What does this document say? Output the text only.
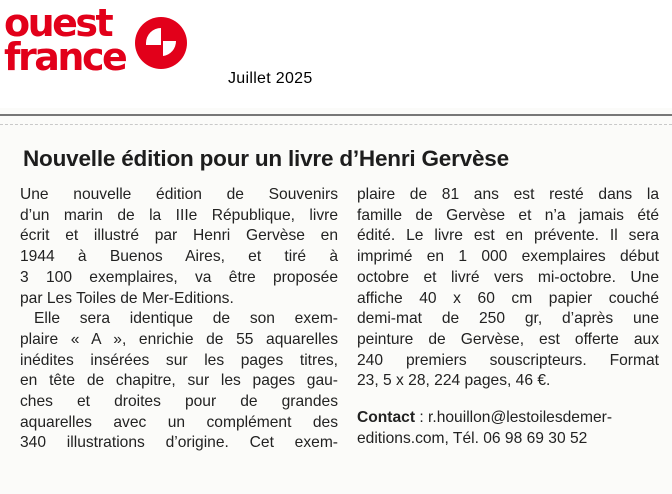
ouest
france	Juillet 2025
Nouvelle édition pour un livre d’Henri Gervèse
Une nouvelle édition de Souvenirs
d’un marin de la IIIe République, livre
écrit et illustré par Henri Gervèse en
1944 à Buenos Aires, et tiré à
3 100 exemplaires, va être proposée
par Les Toiles de Mer-Editions.
Elle sera identique de son exem-
plaire « A », enrichie de 55 aquarelles
inédites insérées sur les pages titres,
en tête de chapitre, sur les pages gau-
ches et droites pour de grandes
aquarelles avec un complément des
340 illustrations d’origine. Cet exem-
plaire de 81 ans est resté dans la
famille de Gervèse et n’a jamais été
édité. Le livre est en prévente. Il sera
imprimé en 1 000 exemplaires début
octobre et livré vers mi-octobre. Une
affiche 40 x 60 cm papier couché
demi-mat de 250 gr, d’après une
peinture de Gervèse, est offerte aux
240 premiers souscripteurs. Format
23, 5 x 28, 224 pages, 46 €.
Contact : r.houillon@lestoilesdemer-
editions.com, Tél. 06 98 69 30 52
